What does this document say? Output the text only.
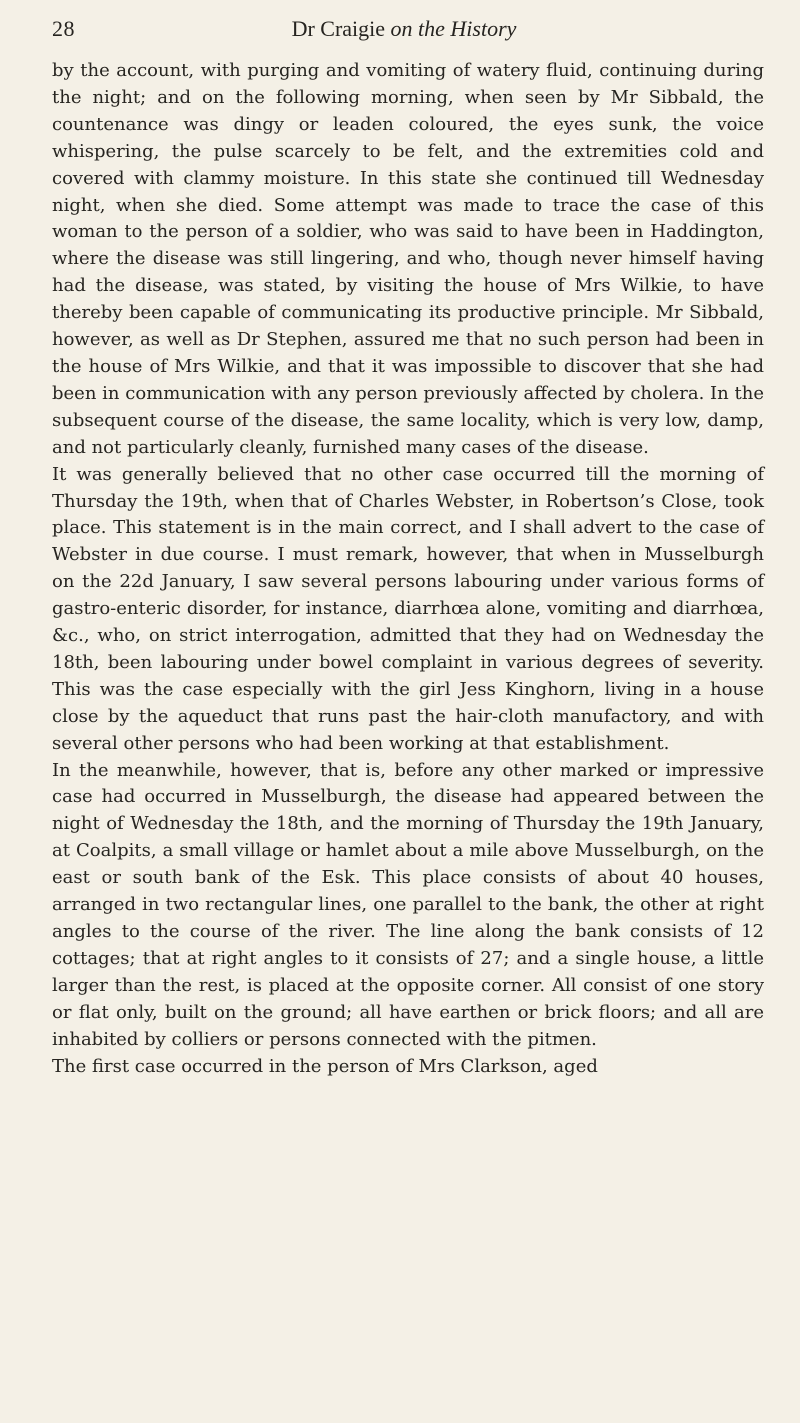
28	Dr Craigie on the History

by the account, with purging and vomiting of watery fluid, continuing during the night; and on the following morning, when seen by Mr Sibbald, the countenance was dingy or leaden coloured, the eyes sunk, the voice whispering, the pulse scarcely to be felt, and the extremities cold and covered with clammy moisture. In this state she continued till Wednesday night, when she died. Some attempt was made to trace the case of this woman to the person of a soldier, who was said to have been in Haddington, where the disease was still lingering, and who, though never himself having had the disease, was stated, by visiting the house of Mrs Wilkie, to have thereby been capable of communicating its productive principle. Mr Sibbald, however, as well as Dr Stephen, assured me that no such person had been in the house of Mrs Wilkie, and that it was impossible to discover that she had been in communication with any person previously affected by cholera. In the subsequent course of the disease, the same locality, which is very low, damp, and not particularly cleanly, furnished many cases of the disease.

It was generally believed that no other case occurred till the morning of Thursday the 19th, when that of Charles Webster, in Robertson’s Close, took place. This statement is in the main correct, and I shall advert to the case of Webster in due course. I must remark, however, that when in Musselburgh on the 22d January, I saw several persons labouring under various forms of gastro-enteric disorder, for instance, diarrhœa alone, vomiting and diarrhœa, &c., who, on strict interrogation, admitted that they had on Wednesday the 18th, been labouring under bowel complaint in various degrees of severity. This was the case especially with the girl Jess Kinghorn, living in a house close by the aqueduct that runs past the hair-cloth manufactory, and with several other persons who had been working at that establishment.

In the meanwhile, however, that is, before any other marked or impressive case had occurred in Musselburgh, the disease had appeared between the night of Wednesday the 18th, and the morning of Thursday the 19th January, at Coalpits, a small village or hamlet about a mile above Musselburgh, on the east or south bank of the Esk. This place consists of about 40 houses, arranged in two rectangular lines, one parallel to the bank, the other at right angles to the course of the river. The line along the bank consists of 12 cottages; that at right angles to it consists of 27; and a single house, a little larger than the rest, is placed at the opposite corner. All consist of one story or flat only, built on the ground; all have earthen or brick floors; and all are inhabited by colliers or persons connected with the pitmen.

The first case occurred in the person of Mrs Clarkson, aged
